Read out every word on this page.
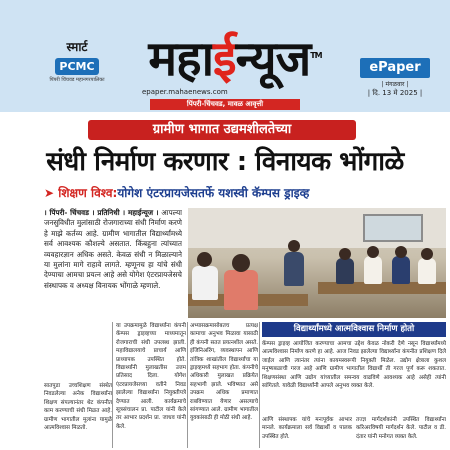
स्मार्ट
PCMC
पिंपरी चिंचवड महानगरपालिका महाईन्यूज™
epaper.mahaenews.com
पिंपरी-चिंचवड, मावळ आवृत्ती
ePaper
| मंगळवार |
| दि. 13 मे 2025 |
ग्रामीण भागात उद्यमशीलतेच्या
संधी निर्माण करणार : विनायक भोंगाळे
➤ शिक्षण विश्व:योगेश एंटरप्रायजेसतर्फे यशस्वी कॅम्पस ड्राइव्ह
। पिंपरी- चिंचवड । प्रतिनिधी । महाईन्यूज । आपल्या जनसुविधीत मुलांसाठी रोजगाराच्या संधी निर्माण करणे हे माझे कर्तव्य आहे. ग्रामीण भागातील विद्यार्थ्यांमध्ये सर्व आवश्यक कौशल्ये असतात. किंबहुना त्यांच्यात व्यवहारज्ञान अधिक असते. केवळ संधी न मिळाल्याने या मुलांना मागे राहावे लागते. म्हणूनच हा यांचे संधी देण्याचा आमचा प्रयत्न आहे असे योगेश एंटरप्रायजेसचे संस्थापक व अध्यक्ष विनायक भोंगाळे म्हणाले.
सातपुडा उच्चशिक्षण संस्थेत निवडलेल्या अनेक विद्यार्थ्यांना शिक्षण संपल्यानंतर थेट कंपनीत काम करण्याची संधी मिळत आहे. ग्रामीण भागातील मुलांना यामुळे आत्मविश्वास मिळतो.
या उपक्रमामुळे विद्यार्थ्यांना कंपनी कॅम्पस ड्राइव्हच्या माध्यमातून रोजगाराची संधी उपलब्ध झाली. महाविद्यालयाचे प्राचार्य आणि प्राध्यापक उपस्थित होते. विद्यार्थ्यांनी मुलाखतीस उत्तम प्रतिसाद दिला. योगेश एंटरप्रायजेसच्या वतीने निवड झालेल्या विद्यार्थ्यांना नियुक्तीपत्रे देण्यात आली. कार्यक्रमाचे सूत्रसंचालन प्रा. पाटील यांनी केले तर आभार प्रदर्शन प्रा. जाधव यांनी केले.
अभ्यासक्रमासोबतच प्रत्यक्ष कामाचा अनुभव मिळावा यासाठी ही कंपनी सतत प्रयत्नशील असते. इंजिनिअरिंग, व्यवस्थापन आणि तांत्रिक शाखांतील विद्यार्थ्यांचा या ड्राइव्हमध्ये सहभाग होता. कंपनीचे अधिकारी मुलाखत प्रक्रियेत सहभागी झाले. भविष्यात असे उपक्रम अधिक प्रमाणात राबविण्यात येणार असल्याचे सांगण्यात आले. ग्रामीण भागातील युवकांसाठी ही मोठी संधी आहे.
विद्यार्थ्यांमध्ये आत्मविश्वास निर्माण होतो
कॅम्पस ड्राइव्ह आयोजित करण्याचा आमचा उद्देश केवळ नोकरी देणे नसून विद्यार्थ्यांमध्ये आत्मविश्वास निर्माण करणे हा आहे. आज निवड झालेल्या विद्यार्थ्यांना कंपनीत प्रशिक्षण दिले जाईल आणि त्यानंतर त्यांना कायमस्वरूपी नियुक्ती मिळेल. उद्योग क्षेत्राला कुशल मनुष्यबळाची गरज आहे आणि ग्रामीण भागातील विद्यार्थी ती गरज पूर्ण करू शकतात. शिक्षणसंस्था आणि उद्योग यांच्यातील समन्वय वाढविणे आवश्यक आहे असेही त्यांनी सांगितले. यावेळी विद्यार्थ्यांनी आपले अनुभव व्यक्त केले.
आणि संस्थापक यांचे मनःपूर्वक आभार मानले. कार्यक्रमाला सर्व विद्यार्थी व पालक उपस्थित होते.
तज्ज्ञ मार्गदर्शकांनी उपस्थित विद्यार्थ्यांना करिअरविषयी मार्गदर्शन केले. पाटील व डी. दंतार यांनी मनोगत व्यक्त केले.
